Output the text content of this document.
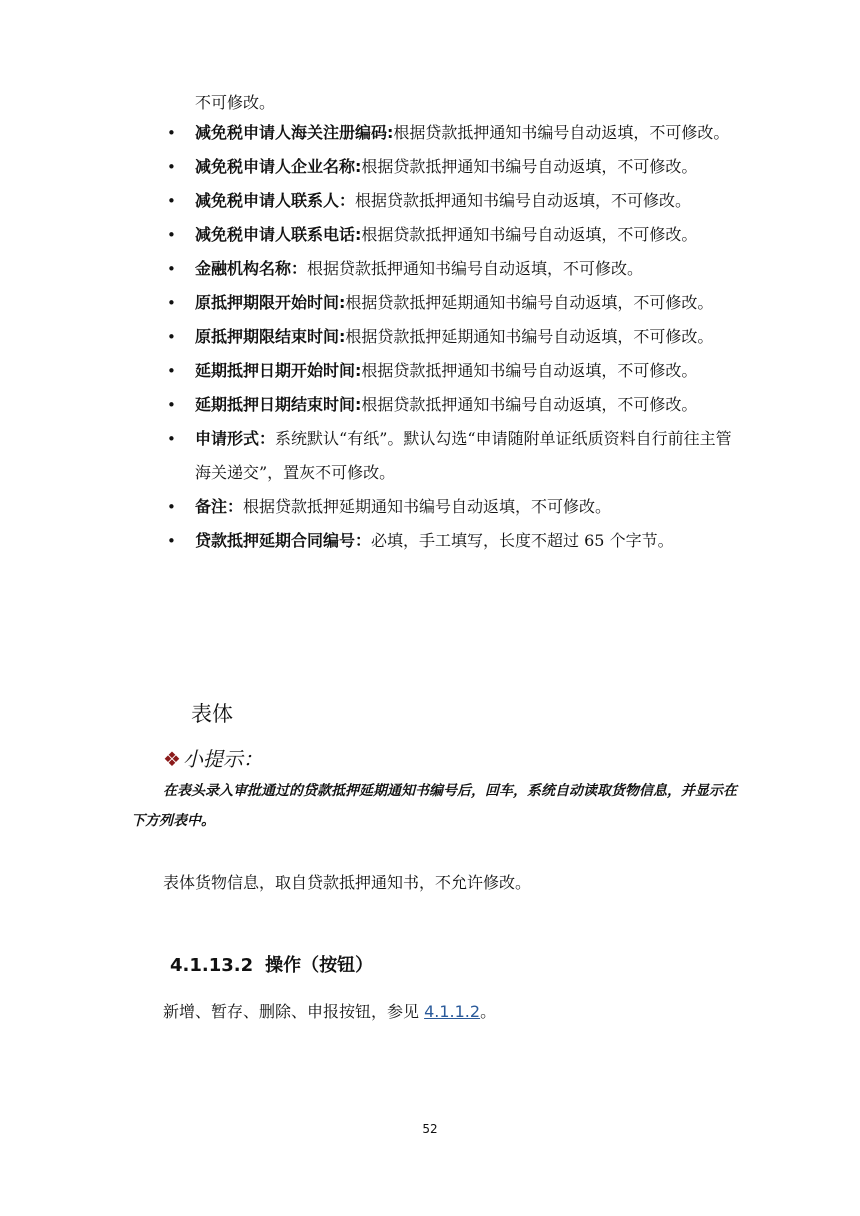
不可修改。
• 减免税申请人海关注册编码:根据贷款抵押通知书编号自动返填，不可修改。
• 减免税申请人企业名称:根据贷款抵押通知书编号自动返填，不可修改。
• 减免税申请人联系人：根据贷款抵押通知书编号自动返填，不可修改。
• 减免税申请人联系电话:根据贷款抵押通知书编号自动返填，不可修改。
• 金融机构名称：根据贷款抵押通知书编号自动返填，不可修改。
• 原抵押期限开始时间:根据贷款抵押延期通知书编号自动返填，不可修改。
• 原抵押期限结束时间:根据贷款抵押延期通知书编号自动返填，不可修改。
• 延期抵押日期开始时间:根据贷款抵押通知书编号自动返填，不可修改。
• 延期抵押日期结束时间:根据贷款抵押通知书编号自动返填，不可修改。
• 申请形式：系统默认“有纸”。默认勾选“申请随附单证纸质资料自行前往主管海关递交”，置灰不可修改。
• 备注：根据贷款抵押延期通知书编号自动返填，不可修改。
• 贷款抵押延期合同编号：必填，手工填写，长度不超过 65 个字节。
表体
❖ 小提示：
在表头录入审批通过的贷款抵押延期通知书编号后，回车，系统自动读取货物信息，并显示在下方列表中。
表体货物信息，取自贷款抵押通知书，不允许修改。
4.1.13.2 操作（按钮）
新增、暂存、删除、申报按钮，参见 4.1.1.2。
52
